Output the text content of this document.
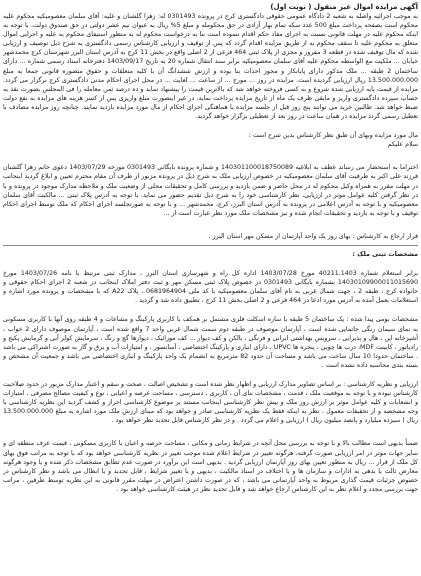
آگهی مزایده اموال غیر منقول ( نوبت اول)

به موجب اجرائیه واصله به شعبه 2 دادگاه عمومی حقوقی دادگستری کرج در پرونده 0301493 له: زهرا گلشنان و علیه: آقای سلمان معصومیکیه محکوم علیه محکوم است بصفحه پرداخت مبلغ 500 عدد سکه تمام بهار آزادی در حق محکومله و مبلغ 5% ریال به عنوان نیم عشر دولتی در حق صندوق دولت. با توجه به اینکه محکوم علیه در مهلت قانونی نسبت به اجرای مفاد حکم اقدام ننموده است بنا به درخواست محکوم له به منظور استیفای محکوم به علیه و اجرایی اموال متعلق به محکوم علیه تا سقف محکوم به از طریق مزایده اقدام گردد که پس از توقیف و ارزیابی کارشناس رسمی دادگستری به شرح ذیل توصیف و ارزیابی شده که مال توقیف شده در قطعه 3 مفروز و مجزی از پلاک ثبتی 464 فرعی از 2 اصلی واقع در بخش 11 کرج به آدرس استان البرز شهرستان کرج محمدشهر خیابان ... ملکیت مع الواسطه محکوم علیه آقای سلمان معصومیکیه برابر سند انتقال شماره 20 به تاریخ 1403/09/17 دفترخانه اسناد رسمی شماره ... دارای ساختمان 2 طبقه ... ملک مذکور دارای پایانکار و مجوز احداث بنا بوده و ارزش ششدانگ آن با کلیه متعلقات و حقوق متصوره قانونی جمعا به مبلغ 13.500.000.000 ریال ارزیابی گردیده است. مزایده در روز ... مورخ ... از ساعت ... لغایت ... در محل اجرای احکام مدنی دادگستری کرج برگزار می گردد. مزایده از قیمت پایه ارزیابی شده شروع و به کسی فروخته خواهد شد که بالاترین قیمت را پیشنهاد نماید و ده درصد ثمن معامله را فی المجلس بصورت نقد به حساب سپرده دادگستری واریز و مابقی ظرف یک ماه از تاریخ مزایده پرداخت نماید. در غیر اینصورت مبلغ واریزی پس از کسر هزینه های مزایده به نفع دولت ضبط خواهد شد. طالبین خرید می توانند پنج روز قبل از جلسه مزایده با هماهنگی اجرای احکام از مال مورد مزایده بازدید نمایند. چنانچه روز مزایده مصادف با تعطیل رسمی گردد مزایده در همان ساعت در روز بعد از تعطیلی برگزار خواهد گردید.

مال مورد مزایده وبهای آن طبق نظر کارشناس بدین شرح است :

سلام علیکم

احتراما به استحضار می رساند عطف به ابلاغیه 140301100018750089 و شماره پرونده بایگانی 0301493 مورخه 1403/07/29 دعوی خانم زهرا گلشنان فرزند علی اکبر به طرفیت آقای سلمان معصومیکیه در خصوص ارزیابی ملک به شرح ذیل در پرونده مزبور از طرف آن مقام محترم تعیین و ابلاغ گردید اینجانب در مهلت مقرر به همراه وکیل محکوم له در محل حاضر و ضمن بازدید و بررسی کامل و تحقیقات محلی از وضعیت ملک و ملاحظه مدارک موجود در پرونده و با در نظر گرفتن کلیه عوامل موثر در ارزیابی، نظر کارشناسی خود را به شرح ذیل تقدیم حضور می نماید. با توجه به آدرس پلاک ثبتی ... مالکیت آقای سلمان معصومیکیه و با توجه به آدرس اعلامی در پرونده به آدرس استان البرز، کرج، محمدشهر ... و با توجه به صورتجلسه اجرای احکام که ملک توسط اجرای احکام توقیف و با توجه به بازدید و تحقیقات انجام شده و نیز مشخصات ملک مورد نظر عبارت است از ...

قرار ارجاع به کارشناس : بهای روز یک واحد آپارتمان از مسکن مهر استان البرز .

مشخصات ثبتی ملک :

برابر استعلام شماره 40211.1403 مورخ 1403/07/28 اداره کل راه و شهرسازی استان البرز ، مدارک ثبتی مرتبط با نامه 1403/07/26 مورخ 14030109900011015690 بشماره بایگانی 0301493 در خصوص پلاک ثبتی مسکن مهر و ثبت دفتر املاک اینجانب در شعبه 2 اجرای احکام حقوقی و خانواده کرج ، طبقه 2 ، جهت شمال غربی به نام آقای سلمان معصومیکیه با کد ملی 0681964904 ، پلاک A22 که با مشخصات و پرونده مورد اشاره و استعلامات بعمل آمده به آدرس مورد ادعا در 464 فرعی و 2 اصلی بخش 11 کرج ، تطبیق داده شد و گردید .

مشخصات بومی پیدا شده : یک ساختمان 5 طبقه با سازه اسکلت فلزی مشتمل بر همکف با کاربری پارکینگ و مشاعات و 4 طبقه روی آنها با کاربری مسکونی به نمای سیمان رنگی جانمایی شده است ، آپارتمان موصوف در طبقه دوم سمت شمال غربی واحد 7 واقع شده است ، آپارتمان موصوف دارای 2 خواب ، آشپزخانه اپن ، هال و پذیرایی ، سرویس بهداشتی ایرانی و فرنگی ، بالکن و کف دیوار ... کف موزائیک ، دیوارها گچ و رنگ ، سرمایش کولر آبی و گرمایش پکیج و رادیاتور ، کابینت MDF، درب ها چوبی ، پنجره ها UPVC ، دارای انباری و پارکینگ اختصاصی ، آسانسور ، و امتیازات آب و برق و گاز به صورت اشتراکی می باشد . ساختمان حدودا 10 سال ساخت می باشد و مساحت آن حدود 82 مترمربع به انضمام یک واحد پارکینگ و انباری اختصاصی می باشد و جمعیت آن مشخص و بسته بندی محاسبه داده نشده است .

ارزیابی و نظریه کارشناسی : بر اساس تصاویر مدارک ارزیابی و اظهار نظر شده است و تشخیص اصالت ، صحت و سقم و اعتبار مدارک مزبور در حدود صلاحیت کارشناس نبوده و با توجه به موقعیت ملک ، قدمت ، مشخصات بنای آن ، کاربری ، دسترسی ، مساحت عرصه و اعیانی ، نوع و کیفیت مصالح مصرفی ، امتیازات و انشعابات و کلیه عوامل موثر بر ارزش روز ملک و بیش نظر کارشناسی اینجانب مستند بر موضوع کارشناسی احراز و کشف گردید این نظریه کارشناسی با وجه مشخصه و از تحقیقات معمول ، نظر به اینکه فقط یک نظریه کارشناسی صادر و خواهد بود که مبنای ارزش ملک مورد اشاره به مبلغ 13.500.000.000 ریال ( سیزده میلیارد و پانصد میلیون ریال ) ارزیابی و اعلام می گردد . و در نظر کارشناس قابل تجدید نظر خواهد بود .

ضمناً بدیهی است مطالب بالا و با توجه به بررسی محل آنچه در شرایط زمانی و مکانی ، مساحت حرصه و اعیان با کاربری مسکونی ، قیمت عرف منطقه ای و سایر جهات موثر در امر ارزیابی صورت گرفته، هرگونه تغییر در شرایط اعلام شده موجب تغییر در نظریه کارشناسی خواهد بود که با توجه به مراتب فوق بهای کل ملک از قرار ... ریال به منظور تعیین بهای روز آپارتمان ارزیابی گردید . بدیهی است این برآورد در صورت عدم تطابق مشخصات ذکر شده و یا وجود هرگونه معارض ثالث یا بدهی به ادارات و سازمان ها و یا اختلاف در اسناد مالکیت ، بدیهی و یا تغییر شرایط ، قابل تجدید و یا ابطال می باشد و نظر کارشناس در خصوص جزئیات قیمت گذاری مربوط به واحد آپارتمانی می باشد ، که در صورت داشتن اعتراض در مهلت مقرر قانونی به این نظریه توسط طرفین ، مراتب جهت بررسی مجدد و اعلام نظر به این کارشناس ارجاع خواهد شد و قابل تجدید نظر در هیئت کارشناسی خواهد بود .
